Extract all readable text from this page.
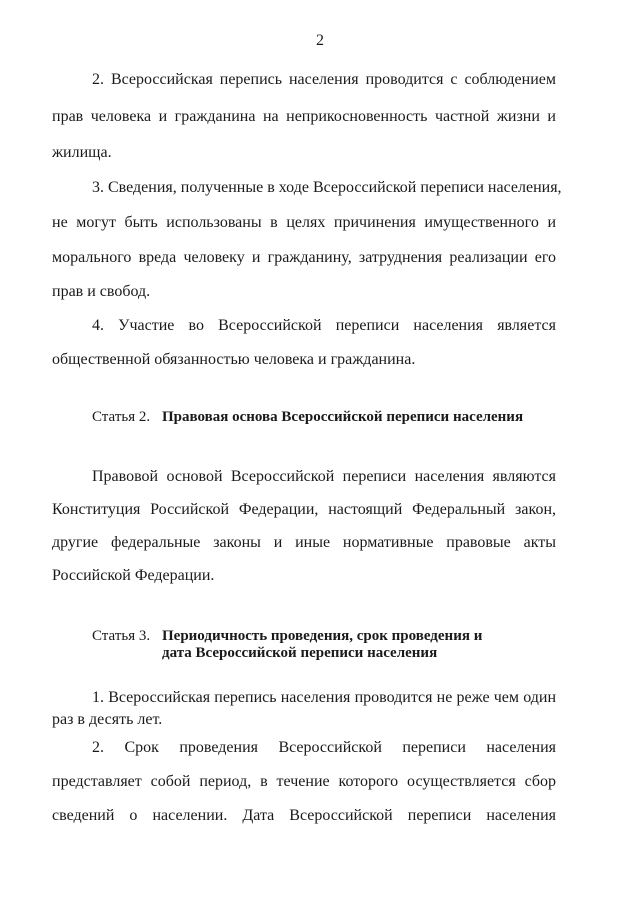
2
2. Всероссийская перепись населения проводится с соблюдением
прав человека и гражданина на неприкосновенность частной жизни и
жилища.
3. Сведения, полученные в ходе Всероссийской переписи населения,
не могут быть использованы в целях причинения имущественного и
морального вреда человеку и гражданину, затруднения реализации его
прав и свобод.
4. Участие во Всероссийской переписи населения является
общественной обязанностью человека и гражданина.
Статья 2. Правовая основа Всероссийской переписи населения
Правовой основой Всероссийской переписи населения являются
Конституция Российской Федерации, настоящий Федеральный закон,
другие федеральные законы и иные нормативные правовые акты
Российской Федерации.
Статья 3. Периодичность проведения, срок проведения и
дата Всероссийской переписи населения
1. Всероссийская перепись населения проводится не реже чем один
раз в десять лет.
2. Срок проведения Всероссийской переписи населения
представляет собой период, в течение которого осуществляется сбор
сведений о населении. Дата Всероссийской переписи населения
